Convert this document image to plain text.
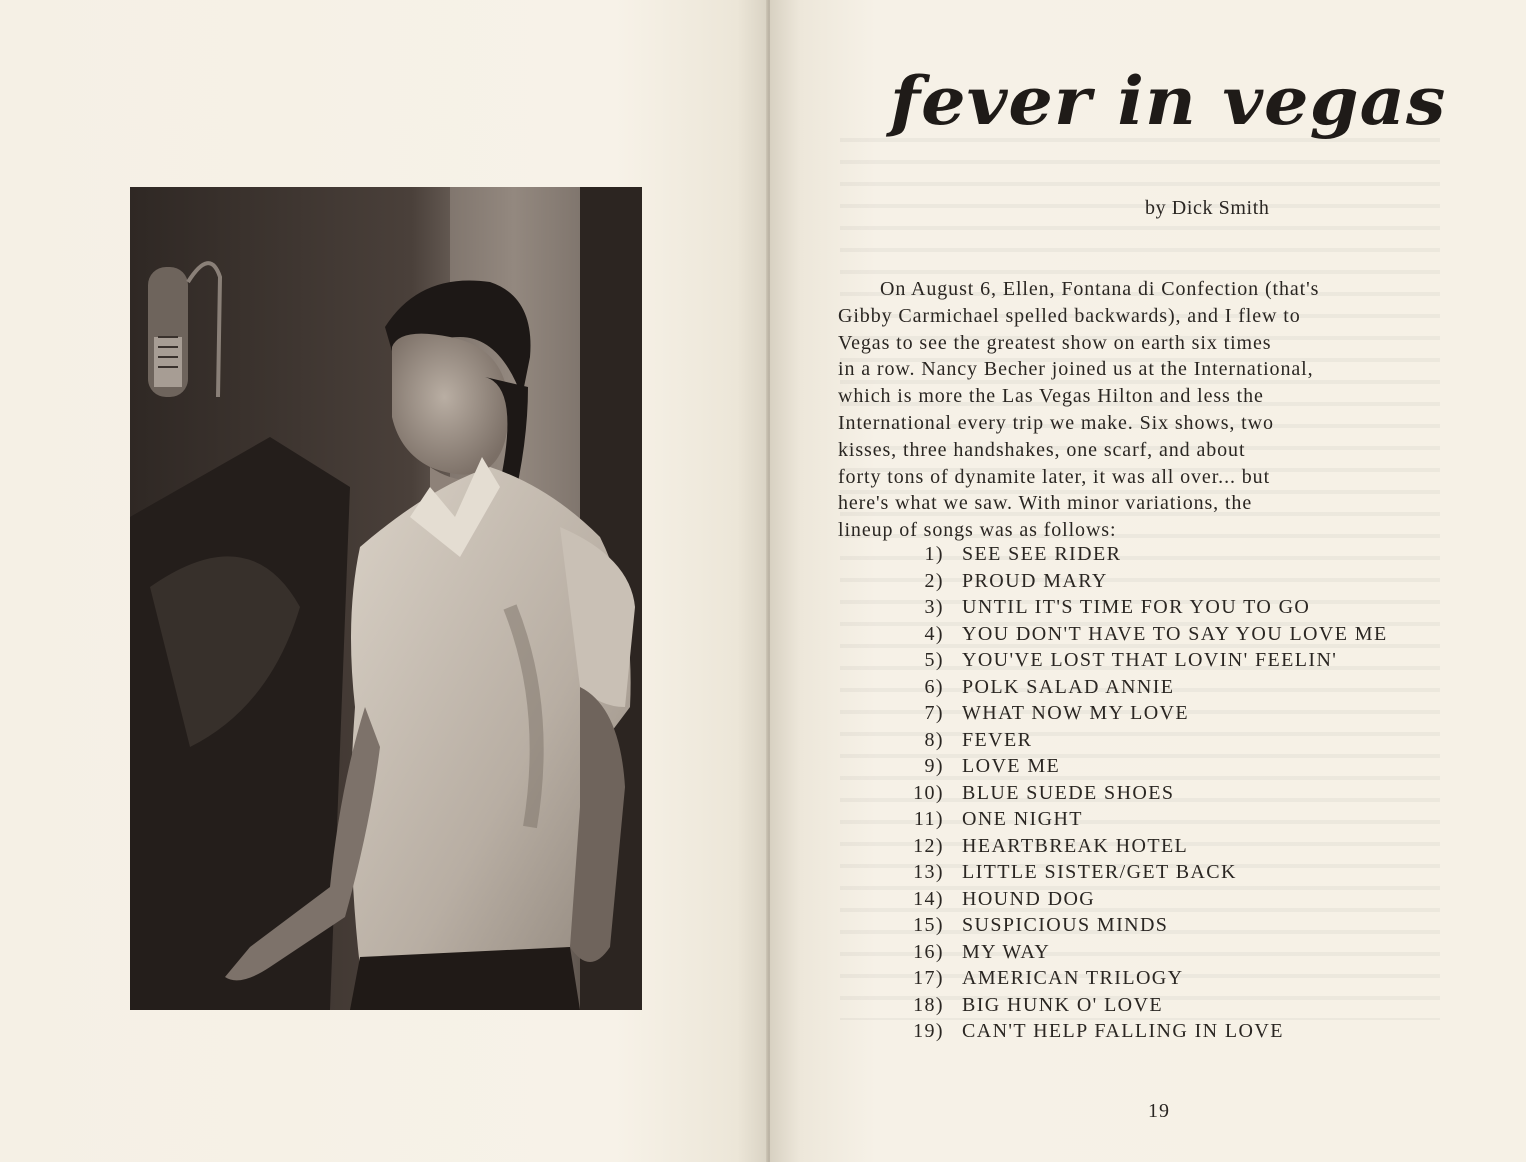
fever in vegas
by Dick Smith
On August 6, Ellen, Fontana di Confection (that's
Gibby Carmichael spelled backwards), and I flew to
Vegas to see the greatest show on earth six times
in a row. Nancy Becher joined us at the International,
which is more the Las Vegas Hilton and less the
International every trip we make. Six shows, two
kisses, three handshakes, one scarf, and about
forty tons of dynamite later, it was all over... but
here's what we saw. With minor variations, the
lineup of songs was as follows:
1) SEE SEE RIDER
2) PROUD MARY
3) UNTIL IT'S TIME FOR YOU TO GO
4) YOU DON'T HAVE TO SAY YOU LOVE ME
5) YOU'VE LOST THAT LOVIN' FEELIN'
6) POLK SALAD ANNIE
7) WHAT NOW MY LOVE
8) FEVER
9) LOVE ME
10) BLUE SUEDE SHOES
11) ONE NIGHT
12) HEARTBREAK HOTEL
13) LITTLE SISTER/GET BACK
14) HOUND DOG
15) SUSPICIOUS MINDS
16) MY WAY
17) AMERICAN TRILOGY
18) BIG HUNK O' LOVE
19) CAN'T HELP FALLING IN LOVE
19
